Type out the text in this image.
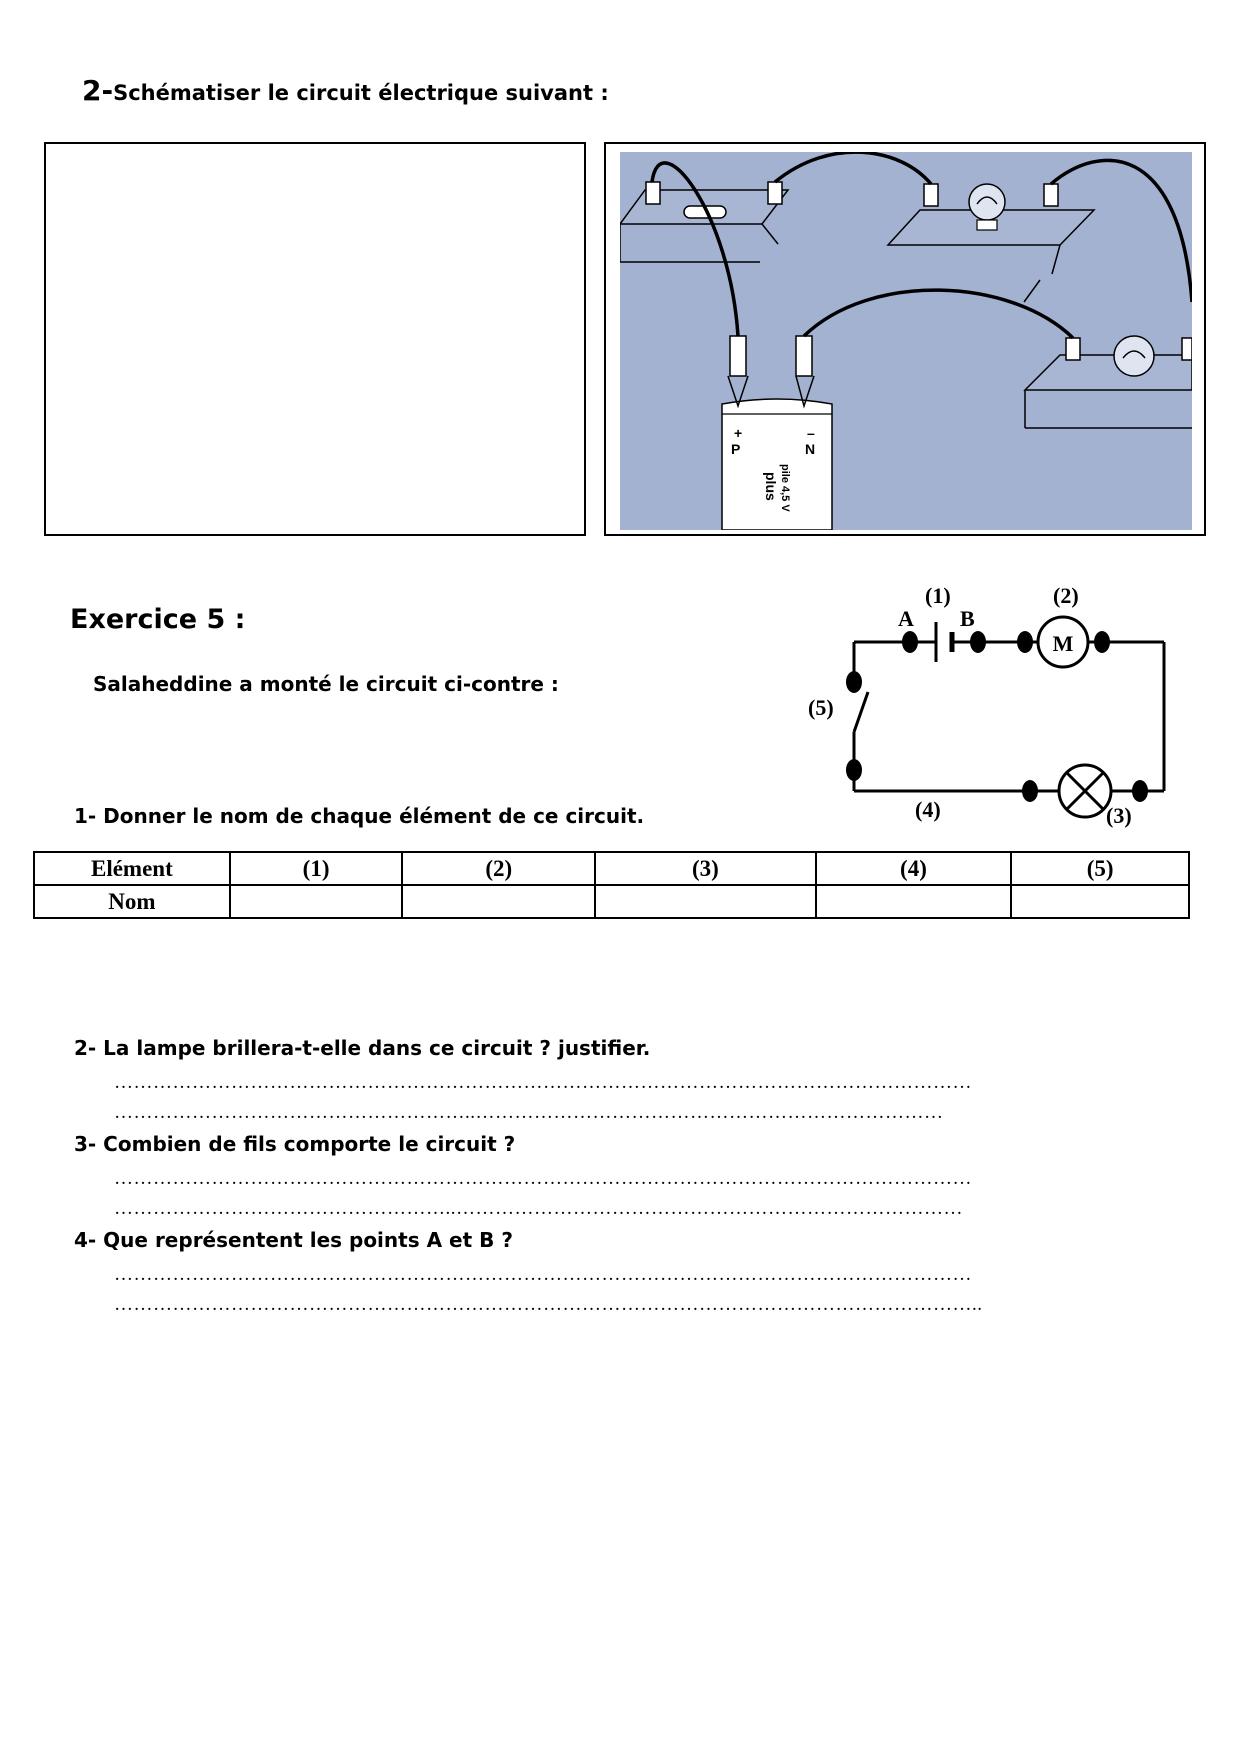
2-Schématiser le circuit électrique suivant :
+
P
–
N
pile 4,5 V
plus
Exercice 5 :
Salaheddine a monté le circuit ci-contre :
M
(1)	(2)
A B
(5)
(4)	(3)
1- Donner le nom de chaque élément de ce circuit.
Elément	(1)	(2)	(3)	(4)	(5)
Nom					
2- La lampe brillera-t-elle dans ce circuit ? justifier.
……………………………………………………………………………………………………………………
………………………………………………..………………………………………………………………
3- Combien de fils comporte le circuit ?
……………………………………………………………………………………………………………………
……………………………………………..……………………………………………………………………
4- Que représentent les points A et B ?
……………………………………………………………………………………………………………………
……………………………………………………………………………………………………………………..
